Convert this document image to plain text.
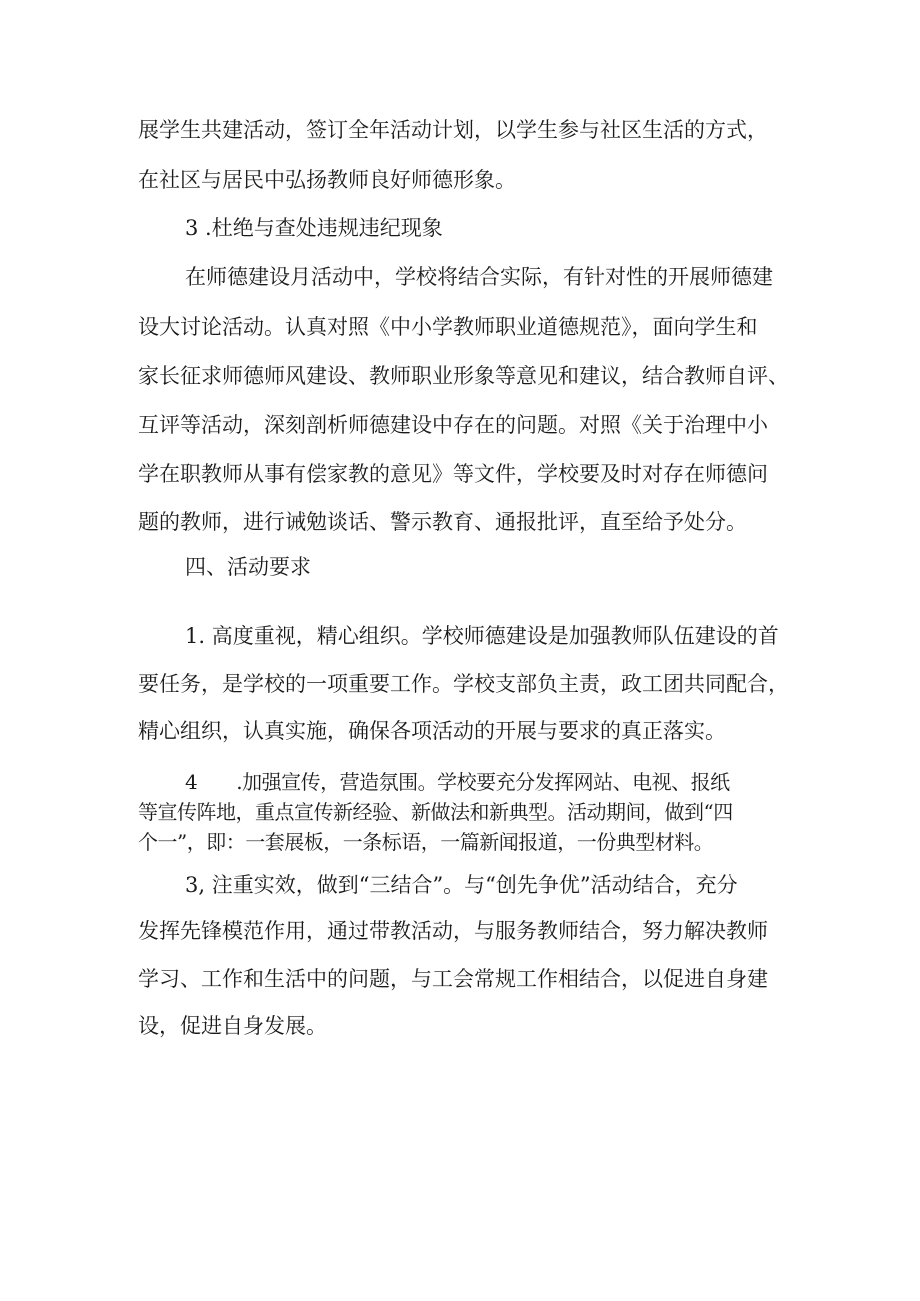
展学生共建活动，签订全年活动计划，以学生参与社区生活的方式，
在社区与居民中弘扬教师良好师德形象。
3 .杜绝与查处违规违纪现象
在师德建设月活动中，学校将结合实际，有针对性的开展师德建
设大讨论活动。认真对照《中小学教师职业道德规范》，面向学生和
家长征求师德师风建设、教师职业形象等意见和建议，结合教师自评、
互评等活动，深刻剖析师德建设中存在的问题。对照《关于治理中小
学在职教师从事有偿家教的意见》等文件，学校要及时对存在师德问
题的教师，进行诫勉谈话、警示教育、通报批评，直至给予处分。
四、活动要求
1. 高度重视，精心组织。学校师德建设是加强教师队伍建设的首
要任务，是学校的一项重要工作。学校支部负主责，政工团共同配合，
精心组织，认真实施，确保各项活动的开展与要求的真正落实。
4  .加强宣传，营造氛围。学校要充分发挥网站、电视、报纸
等宣传阵地，重点宣传新经验、新做法和新典型。活动期间，做到“四
个一”，即：一套展板，一条标语，一篇新闻报道，一份典型材料。
3, 注重实效，做到“三结合”。与“创先争优”活动结合，充分
发挥先锋模范作用，通过带教活动，与服务教师结合，努力解决教师
学习、工作和生活中的问题，与工会常规工作相结合，以促进自身建
设，促进自身发展。
